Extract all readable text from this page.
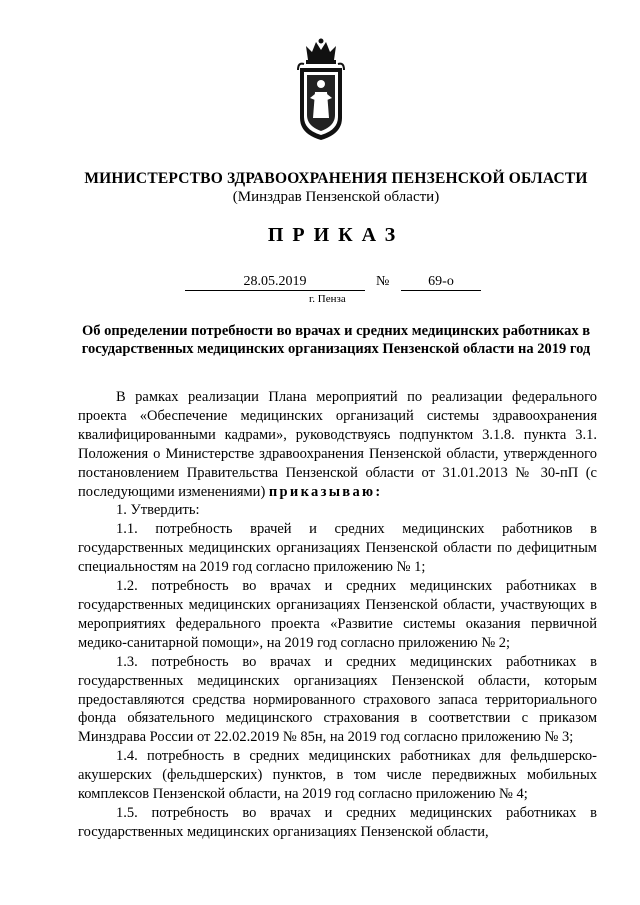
МИНИСТЕРСТВО ЗДРАВООХРАНЕНИЯ ПЕНЗЕНСКОЙ ОБЛАСТИ
(Минздрав Пензенской области)
ПРИКАЗ
28.05.2019	№	69-о
г. Пенза
Об определении потребности во врачах и средних медицинских работниках в государственных медицинских организациях Пензенской области на 2019 год

В рамках реализации Плана мероприятий по реализации федерального проекта «Обеспечение медицинских организаций системы здравоохранения квалифицированными кадрами», руководствуясь подпунктом 3.1.8. пункта 3.1. Положения о Министерстве здравоохранения Пензенской области, утвержденного постановлением Правительства Пензенской области от 31.01.2013 № 30-пП (с последующими изменениями) приказываю:

1. Утвердить:

1.1. потребность врачей и средних медицинских работников в государственных медицинских организациях Пензенской области по дефицитным специальностям на 2019 год согласно приложению № 1;

1.2. потребность во врачах и средних медицинских работниках в государственных медицинских организациях Пензенской области, участвующих в мероприятиях федерального проекта «Развитие системы оказания первичной медико-санитарной помощи», на 2019 год согласно приложению № 2;

1.3. потребность во врачах и средних медицинских работниках в государственных медицинских организациях Пензенской области, которым предоставляются средства нормированного страхового запаса территориального фонда обязательного медицинского страхования в соответствии с приказом Минздрава России от 22.02.2019 № 85н, на 2019 год согласно приложению № 3;

1.4. потребность в средних медицинских работниках для фельдшерско-акушерских (фельдшерских) пунктов, в том числе передвижных мобильных комплексов Пензенской области, на 2019 год согласно приложению № 4;

1.5. потребность во врачах и средних медицинских работниках в государственных медицинских организациях Пензенской области,
